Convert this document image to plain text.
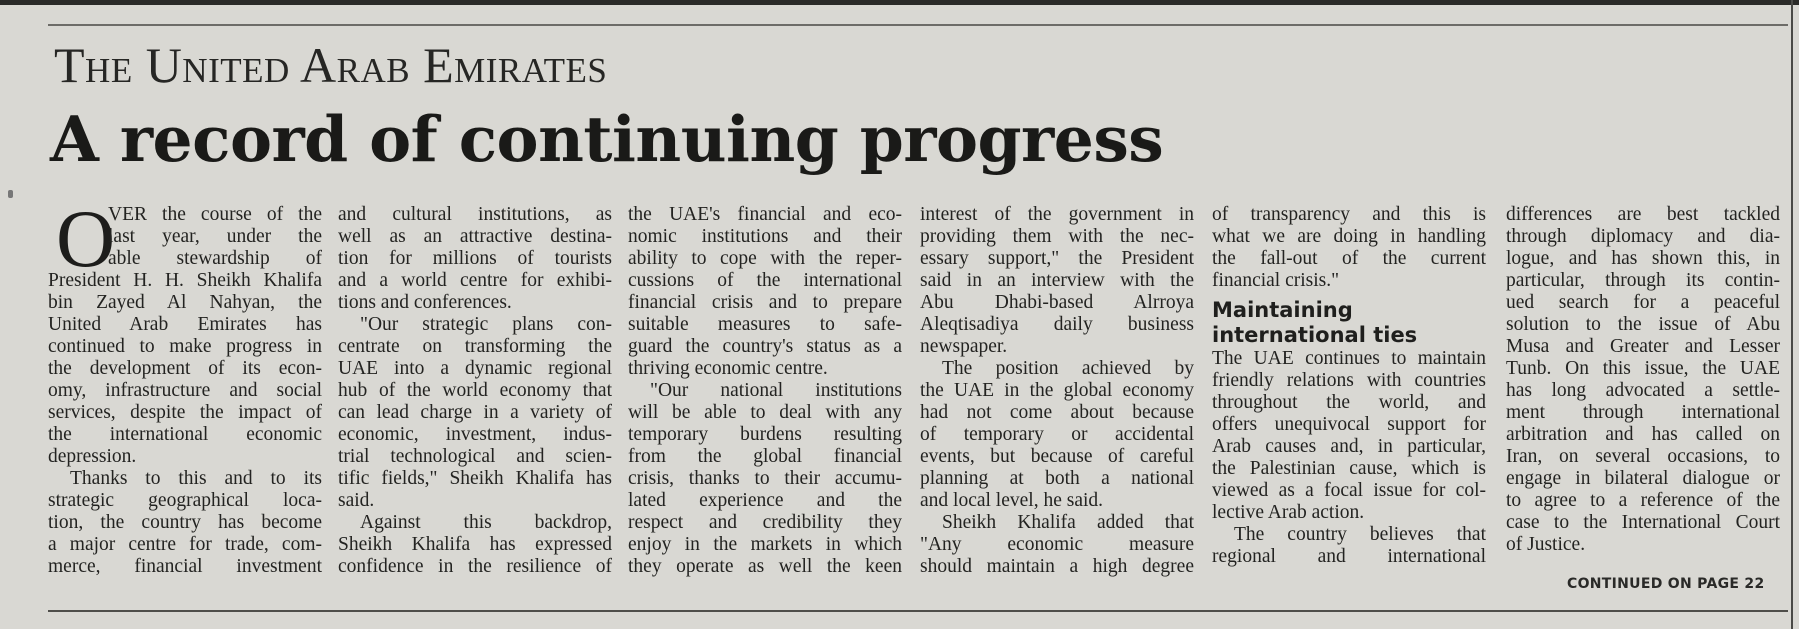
The United Arab Emirates
A record of continuing progress
O
VER the course of the
last year, under the
able stewardship of
President H. H. Sheikh Khalifa
bin Zayed Al Nahyan, the
United Arab Emirates has
continued to make progress in
the development of its econ-
omy, infrastructure and social
services, despite the impact of
the international economic
depression.
Thanks to this and to its
strategic geographical loca-
tion, the country has become
a major centre for trade, com-
merce, financial investment
and cultural institutions, as
well as an attractive destina-
tion for millions of tourists
and a world centre for exhibi-
tions and conferences.
"Our strategic plans con-
centrate on transforming the
UAE into a dynamic regional
hub of the world economy that
can lead charge in a variety of
economic, investment, indus-
trial technological and scien-
tific fields," Sheikh Khalifa has
said.
Against this backdrop,
Sheikh Khalifa has expressed
confidence in the resilience of
the UAE's financial and eco-
nomic institutions and their
ability to cope with the reper-
cussions of the international
financial crisis and to prepare
suitable measures to safe-
guard the country's status as a
thriving economic centre.
"Our national institutions
will be able to deal with any
temporary burdens resulting
from the global financial
crisis, thanks to their accumu-
lated experience and the
respect and credibility they
enjoy in the markets in which
they operate as well the keen
interest of the government in
providing them with the nec-
essary support," the President
said in an interview with the
Abu Dhabi-based Alrroya
Aleqtisadiya daily business
newspaper.
The position achieved by
the UAE in the global economy
had not come about because
of temporary or accidental
events, but because of careful
planning at both a national
and local level, he said.
Sheikh Khalifa added that
"Any economic measure
should maintain a high degree
of transparency and this is
what we are doing in handling
the fall-out of the current
financial crisis."
Maintaining
international ties
The UAE continues to maintain
friendly relations with countries
throughout the world, and
offers unequivocal support for
Arab causes and, in particular,
the Palestinian cause, which is
viewed as a focal issue for col-
lective Arab action.
The country believes that
regional and international
differences are best tackled
through diplomacy and dia-
logue, and has shown this, in
particular, through its contin-
ued search for a peaceful
solution to the issue of Abu
Musa and Greater and Lesser
Tunb. On this issue, the UAE
has long advocated a settle-
ment through international
arbitration and has called on
Iran, on several occasions, to
engage in bilateral dialogue or
to agree to a reference of the
case to the International Court
of Justice.
CONTINUED ON PAGE 22
